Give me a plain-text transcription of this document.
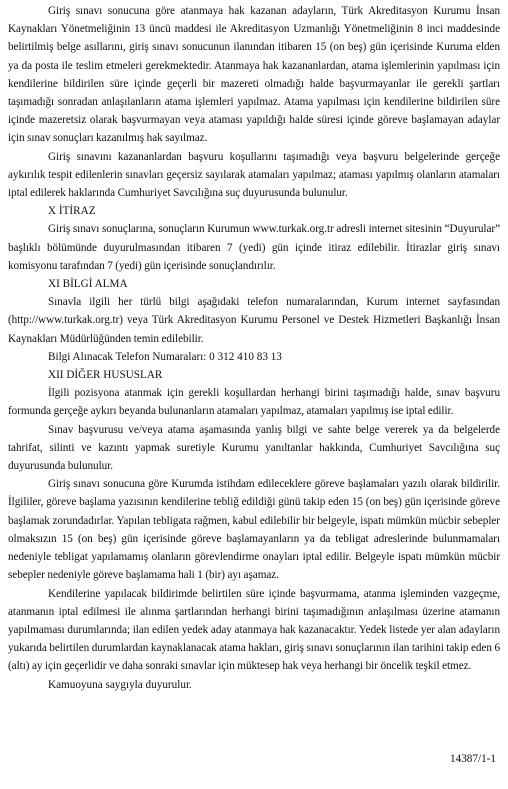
Giriş sınavı sonucuna göre atanmaya hak kazanan adayların, Türk Akreditasyon Kurumu İnsan Kaynakları Yönetmeliğinin 13 üncü maddesi ile Akreditasyon Uzmanlığı Yönetmeliğinin 8 inci maddesinde belirtilmiş belge asıllarını, giriş sınavı sonucunun ilanından itibaren 15 (on beş) gün içerisinde Kuruma elden ya da posta ile teslim etmeleri gerekmektedir. Atanmaya hak kazananlardan, atama işlemlerinin yapılması için kendilerine bildirilen süre içinde geçerli bir mazereti olmadığı halde başvurmayanlar ile gerekli şartları taşımadığı sonradan anlaşılanların atama işlemleri yapılmaz. Atama yapılması için kendilerine bildirilen süre içinde mazeretsiz olarak başvurmayan veya ataması yapıldığı halde süresi içinde göreve başlamayan adaylar için sınav sonuçları kazanılmış hak sayılmaz.

Giriş sınavını kazananlardan başvuru koşullarını taşımadığı veya başvuru belgelerinde gerçeğe aykırılık tespit edilenlerin sınavları geçersiz sayılarak atamaları yapılmaz; ataması yapılmış olanların atamaları iptal edilerek haklarında Cumhuriyet Savcılığına suç duyurusunda bulunulur.

X İTİRAZ

Giriş sınavı sonuçlarına, sonuçların Kurumun www.turkak.org.tr adresli internet sitesinin “Duyurular” başlıklı bölümünde duyurulmasından itibaren 7 (yedi) gün içinde itiraz edilebilir. İtirazlar giriş sınavı komisyonu tarafından 7 (yedi) gün içerisinde sonuçlandırılır.

XI BİLGİ ALMA

Sınavla ilgili her türlü bilgi aşağıdaki telefon numaralarından, Kurum internet sayfasından (http://www.turkak.org.tr) veya Türk Akreditasyon Kurumu Personel ve Destek Hizmetleri Başkanlığı İnsan Kaynakları Müdürlüğünden temin edilebilir.

Bilgi Alınacak Telefon Numaraları: 0 312 410 83 13

XII DİĞER HUSUSLAR

İlgili pozisyona atanmak için gerekli koşullardan herhangi birini taşımadığı halde, sınav başvuru formunda gerçeğe aykırı beyanda bulunanların atamaları yapılmaz, atamaları yapılmış ise iptal edilir.

Sınav başvurusu ve/veya atama aşamasında yanlış bilgi ve sahte belge vererek ya da belgelerde tahrifat, silinti ve kazıntı yapmak suretiyle Kurumu yanıltanlar hakkında, Cumhuriyet Savcılığına suç duyurusunda bulunulur.

Giriş sınavı sonucuna göre Kurumda istihdam edileceklere göreve başlamaları yazılı olarak bildirilir. İlgililer, göreve başlama yazısının kendilerine tebliğ edildiği günü takip eden 15 (on beş) gün içerisinde göreve başlamak zorundadırlar. Yapılan tebligata rağmen, kabul edilebilir bir belgeyle, ispatı mümkün mücbir sebepler olmaksızın 15 (on beş) gün içerisinde göreve başlamayanların ya da tebligat adreslerinde bulunmamaları nedeniyle tebligat yapılamamış olanların görevlendirme onayları iptal edilir. Belgeyle ispatı mümkün mücbir sebepler nedeniyle göreve başlamama hali 1 (bir) ayı aşamaz.

Kendilerine yapılacak bildirimde belirtilen süre içinde başvurmama, atanma işleminden vazgeçme, atanmanın iptal edilmesi ile alınma şartlarından herhangi birini taşımadığının anlaşılması üzerine atamanın yapılmaması durumlarında; ilan edilen yedek aday atanmaya hak kazanacaktır. Yedek listede yer alan adayların yukarıda belirtilen durumlardan kaynaklanacak atama hakları, giriş sınavı sonuçlarının ilan tarihini takip eden 6 (altı) ay için geçerlidir ve daha sonraki sınavlar için müktesep hak veya herhangi bir öncelik teşkil etmez.

Kamuoyuna saygıyla duyurulur.

14387/1-1
